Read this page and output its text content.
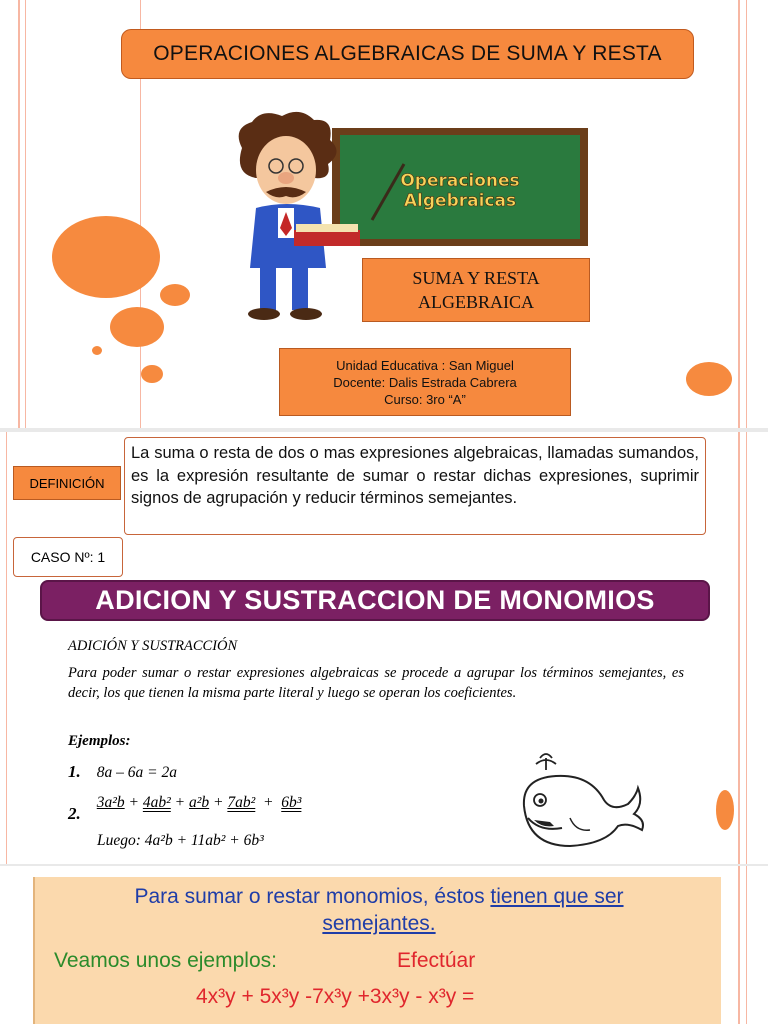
OPERACIONES ALGEBRAICAS DE SUMA Y RESTA
Operaciones
Algebraicas
SUMA Y RESTA
ALGEBRAICA
Unidad Educativa : San Miguel
Docente: Dalis Estrada Cabrera
Curso: 3ro “A”
DEFINICIÓN
La suma o resta de dos o mas expresiones algebraicas, llamadas sumandos, es la expresión resultante de sumar o restar dichas expresiones, suprimir signos de agrupación y reducir términos semejantes.
CASO Nº: 1
ADICION Y SUSTRACCION DE MONOMIOS
ADICIÓN Y SUSTRACCIÓN
Para poder sumar o restar expresiones algebraicas se procede a agrupar los términos semejantes, es decir, los que tienen la misma parte literal y luego se operan los coeficientes.
Ejemplos:
1. 8a – 6a = 2a
2.3a²b + 4ab² + a²b + 7ab²  +  6b³
Luego: 4a²b + 11ab² + 6b³
Para sumar o restar monomios, éstos tienen que ser
semejantes.
Veamos unos ejemplos:	Efectúar
4x³y + 5x³y -7x³y +3x³y - x³y =
